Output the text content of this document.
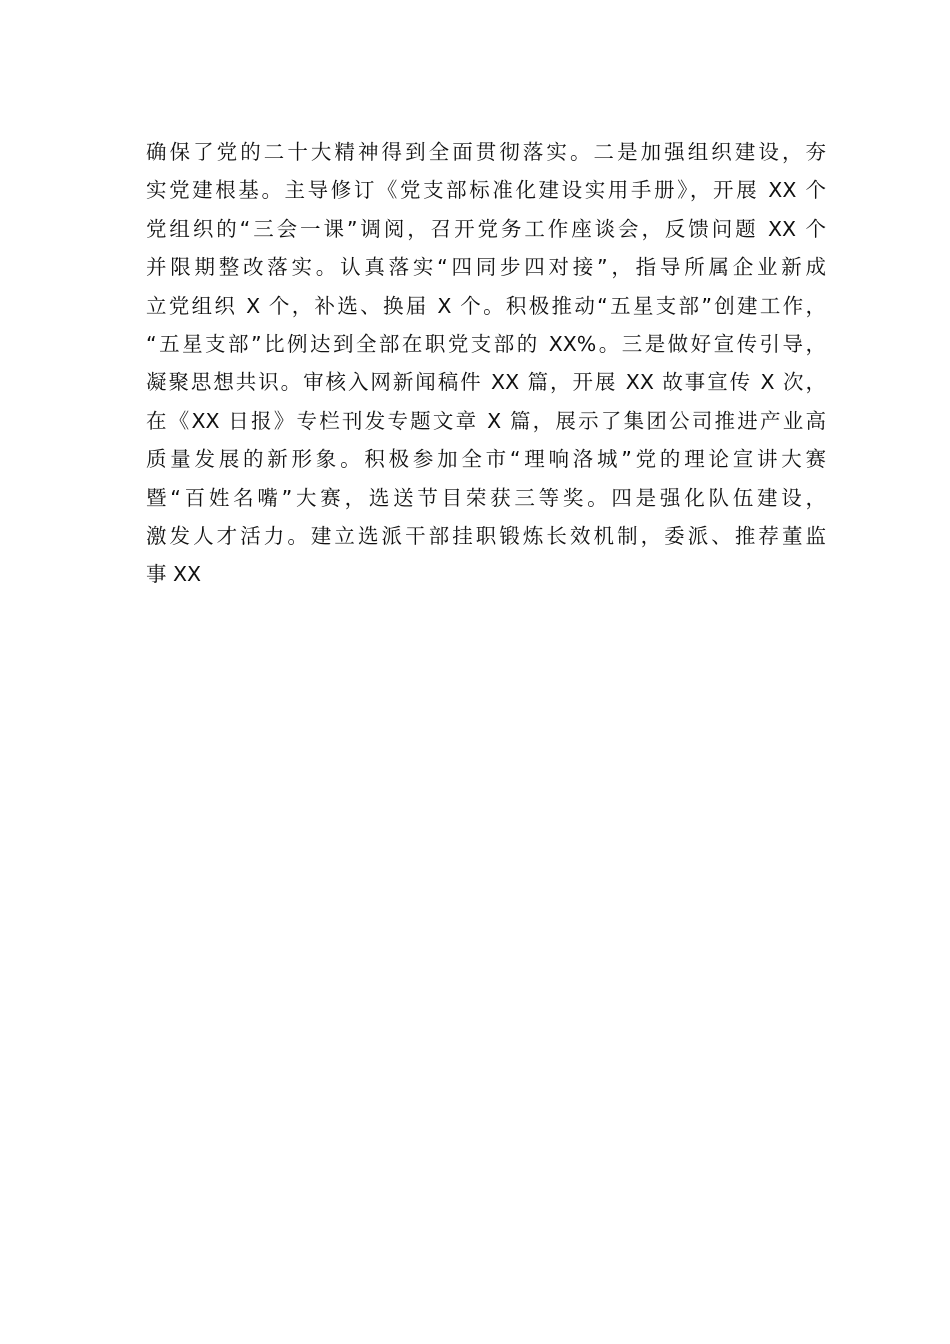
确保了党的二十大精神得到全面贯彻落实。二是加强组织建设，夯
实党建根基。主导修订《党支部标准化建设实用手册》，开展 XX 个
党组织的“三会一课”调阅，召开党务工作座谈会，反馈问题 XX 个
并限期整改落实。认真落实“四同步四对接”，指导所属企业新成
立党组织 X 个，补选、换届 X 个。积极推动“五星支部”创建工作，
“五星支部”比例达到全部在职党支部的 XX%。三是做好宣传引导，
凝聚思想共识。审核入网新闻稿件 XX 篇，开展 XX 故事宣传 X 次，
在《XX 日报》专栏刊发专题文章 X 篇，展示了集团公司推进产业高
质量发展的新形象。积极参加全市“理响洛城”党的理论宣讲大赛
暨“百姓名嘴”大赛，选送节目荣获三等奖。四是强化队伍建设，
激发人才活力。建立选派干部挂职锻炼长效机制，委派、推荐董监
事 XX
